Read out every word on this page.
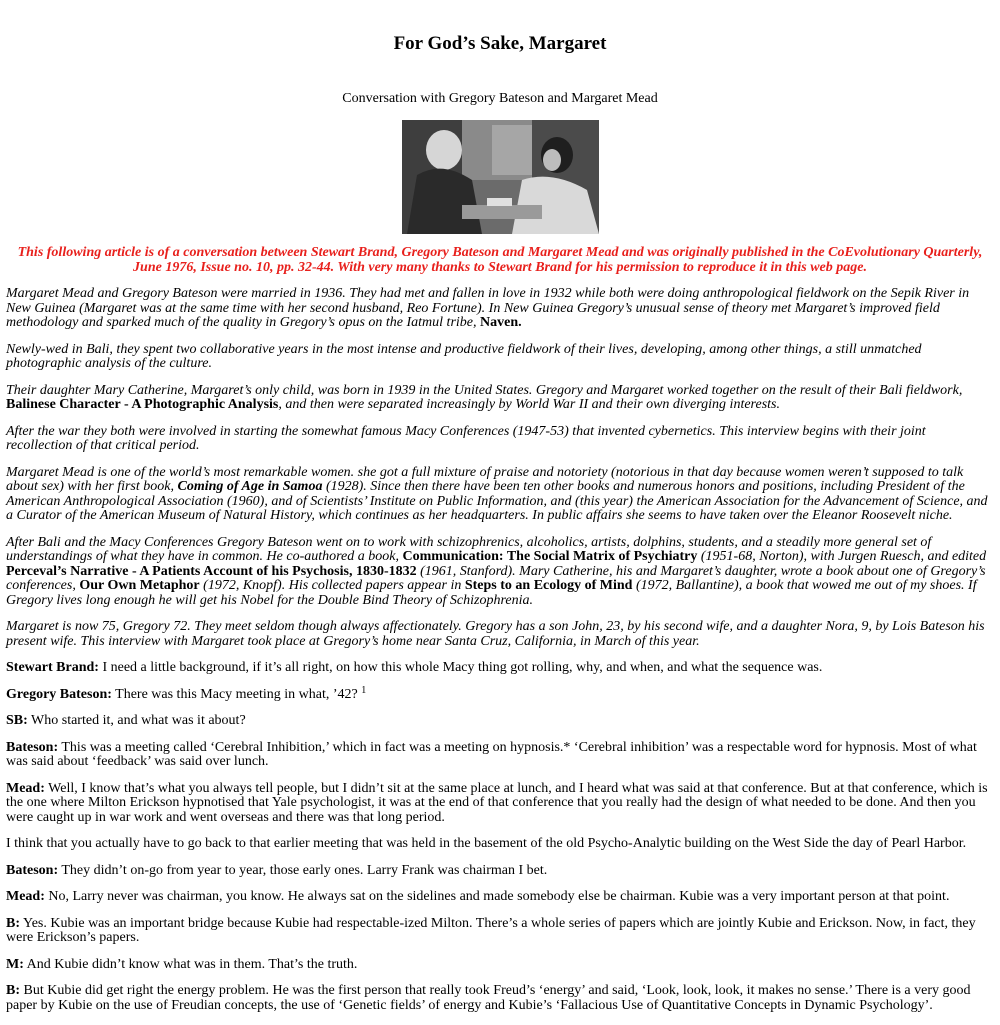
For God’s Sake, Margaret
Conversation with Gregory Bateson and Margaret Mead

This following article is of a conversation between Stewart Brand, Gregory Bateson and Margaret Mead and was originally published in the CoEvolutionary Quarterly, June 1976, Issue no. 10, pp. 32-44. With very many thanks to Stewart Brand for his permission to reproduce it in this web page.

Margaret Mead and Gregory Bateson were married in 1936. They had met and fallen in love in 1932 while both were doing anthropological fieldwork on the Sepik River in New Guinea (Margaret was at the same time with her second husband, Reo Fortune). In New Guinea Gregory’s unusual sense of theory met Margaret’s improved field methodology and sparked much of the quality in Gregory’s opus on the Iatmul tribe, Naven.

Newly-wed in Bali, they spent two collaborative years in the most intense and productive fieldwork of their lives, developing, among other things, a still unmatched photographic analysis of the culture.

Their daughter Mary Catherine, Margaret’s only child, was born in 1939 in the United States. Gregory and Margaret worked together on the result of their Bali fieldwork, Balinese Character - A Photographic Analysis, and then were separated increasingly by World War II and their own diverging interests.

After the war they both were involved in starting the somewhat famous Macy Conferences (1947-53) that invented cybernetics. This interview begins with their joint recollection of that critical period.

Margaret Mead is one of the world’s most remarkable women. she got a full mixture of praise and notoriety (notorious in that day because women weren’t supposed to talk about sex) with her first book, Coming of Age in Samoa (1928). Since then there have been ten other books and numerous honors and positions, including President of the American Anthropological Association (1960), and of Scientists’ Institute on Public Information, and (this year) the American Association for the Advancement of Science, and a Curator of the American Museum of Natural History, which continues as her headquarters. In public affairs she seems to have taken over the Eleanor Roosevelt niche.

After Bali and the Macy Conferences Gregory Bateson went on to work with schizophrenics, alcoholics, artists, dolphins, students, and a steadily more general set of understandings of what they have in common. He co-authored a book, Communication: The Social Matrix of Psychiatry (1951-68, Norton), with Jurgen Ruesch, and edited Perceval’s Narrative - A Patients Account of his Psychosis, 1830-1832 (1961, Stanford). Mary Catherine, his and Margaret’s daughter, wrote a book about one of Gregory’s conferences, Our Own Metaphor (1972, Knopf). His collected papers appear in Steps to an Ecology of Mind (1972, Ballantine), a book that wowed me out of my shoes. If Gregory lives long enough he will get his Nobel for the Double Bind Theory of Schizophrenia.

Margaret is now 75, Gregory 72. They meet seldom though always affectionately. Gregory has a son John, 23, by his second wife, and a daughter Nora, 9, by Lois Bateson his present wife. This interview with Margaret took place at Gregory’s home near Santa Cruz, California, in March of this year.

Stewart Brand: I need a little background, if it’s all right, on how this whole Macy thing got rolling, why, and when, and what the sequence was.

Gregory Bateson: There was this Macy meeting in what, ’42? $^1$

SB: Who started it, and what was it about?

Bateson: This was a meeting called ‘Cerebral Inhibition,’ which in fact was a meeting on hypnosis.* ‘Cerebral inhibition’ was a respectable word for hypnosis. Most of what was said about ‘feedback’ was said over lunch.

Mead: Well, I know that’s what you always tell people, but I didn’t sit at the same place at lunch, and I heard what was said at that conference. But at that conference, which is the one where Milton Erickson hypnotised that Yale psychologist, it was at the end of that conference that you really had the design of what needed to be done. And then you were caught up in war work and went overseas and there was that long period.

I think that you actually have to go back to that earlier meeting that was held in the basement of the old Psycho-Analytic building on the West Side the day of Pearl Harbor.

Bateson: They didn’t on-go from year to year, those early ones. Larry Frank was chairman I bet.

Mead: No, Larry never was chairman, you know. He always sat on the sidelines and made somebody else be chairman. Kubie was a very important person at that point.

B: Yes. Kubie was an important bridge because Kubie had respectable-ized Milton. There’s a whole series of papers which are jointly Kubie and Erickson. Now, in fact, they were Erickson’s papers.

M: And Kubie didn’t know what was in them. That’s the truth.

B: But Kubie did get right the energy problem. He was the first person that really took Freud’s ‘energy’ and said, ‘Look, look, look, it makes no sense.’ There is a very good paper by Kubie on the use of Freudian concepts, the use of ‘Genetic fields’ of energy and Kubie’s ‘Fallacious Use of Quantitative Concepts in Dynamic Psychology’.
